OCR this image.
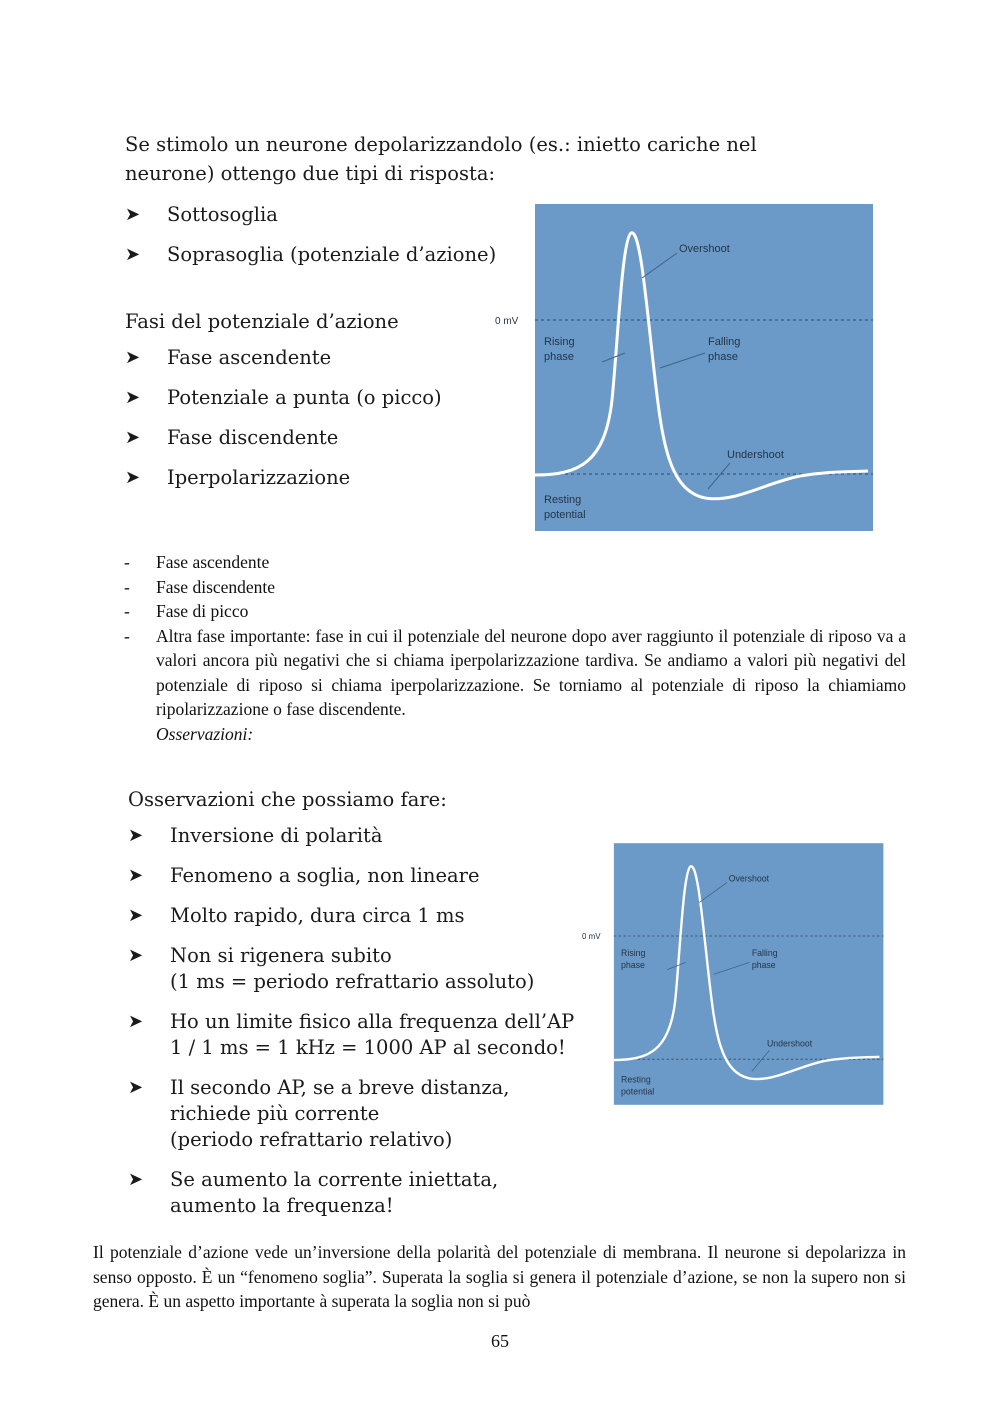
Se stimolo un neurone depolarizzandolo (es.: inietto cariche nel neurone) ottengo due tipi di risposta:

➤ Sottosoglia
➤ Soprasoglia (potenziale d’azione)

Fasi del potenziale d’azione

➤ Fase ascendente
➤ Potenziale a punta (o picco)
➤ Fase discendente
➤ Iperpolarizzazione
Overshoot
0 mV
Rising
phase
Falling
phase
Undershoot
Resting
potential
- Fase ascendente
- Fase discendente
- Fase di picco
- Altra fase importante: fase in cui il potenziale del neurone dopo aver raggiunto il potenziale di riposo va a valori ancora più negativi che si chiama iperpolarizzazione tardiva. Se andiamo a valori più negativi del potenziale di riposo si chiama iperpolarizzazione. Se torniamo al potenziale di riposo la chiamiamo ripolarizzazione o fase discendente.
Osservazioni:

Osservazioni che possiamo fare:

➤ Inversione di polarità
➤ Fenomeno a soglia, non lineare
➤ Molto rapido, dura circa 1 ms
➤ Non si rigenera subito
(1 ms = periodo refrattario assoluto)
➤ Ho un limite fisico alla frequenza dell’AP
1 / 1 ms = 1 kHz = 1000 AP al secondo!
➤ Il secondo AP, se a breve distanza,
richiede più corrente
(periodo refrattario relativo)
➤ Se aumento la corrente iniettata,
aumento la frequenza!
Overshoot
0 mV
Rising
phase
Falling
phase
Undershoot
Resting
potential

Il potenziale d’azione vede un’inversione della polarità del potenziale di membrana. Il neurone si depolarizza in senso opposto. È un “fenomeno soglia”. Superata la soglia si genera il potenziale d’azione, se non la supero non si genera. È un aspetto importante à superata la soglia non si può

65
